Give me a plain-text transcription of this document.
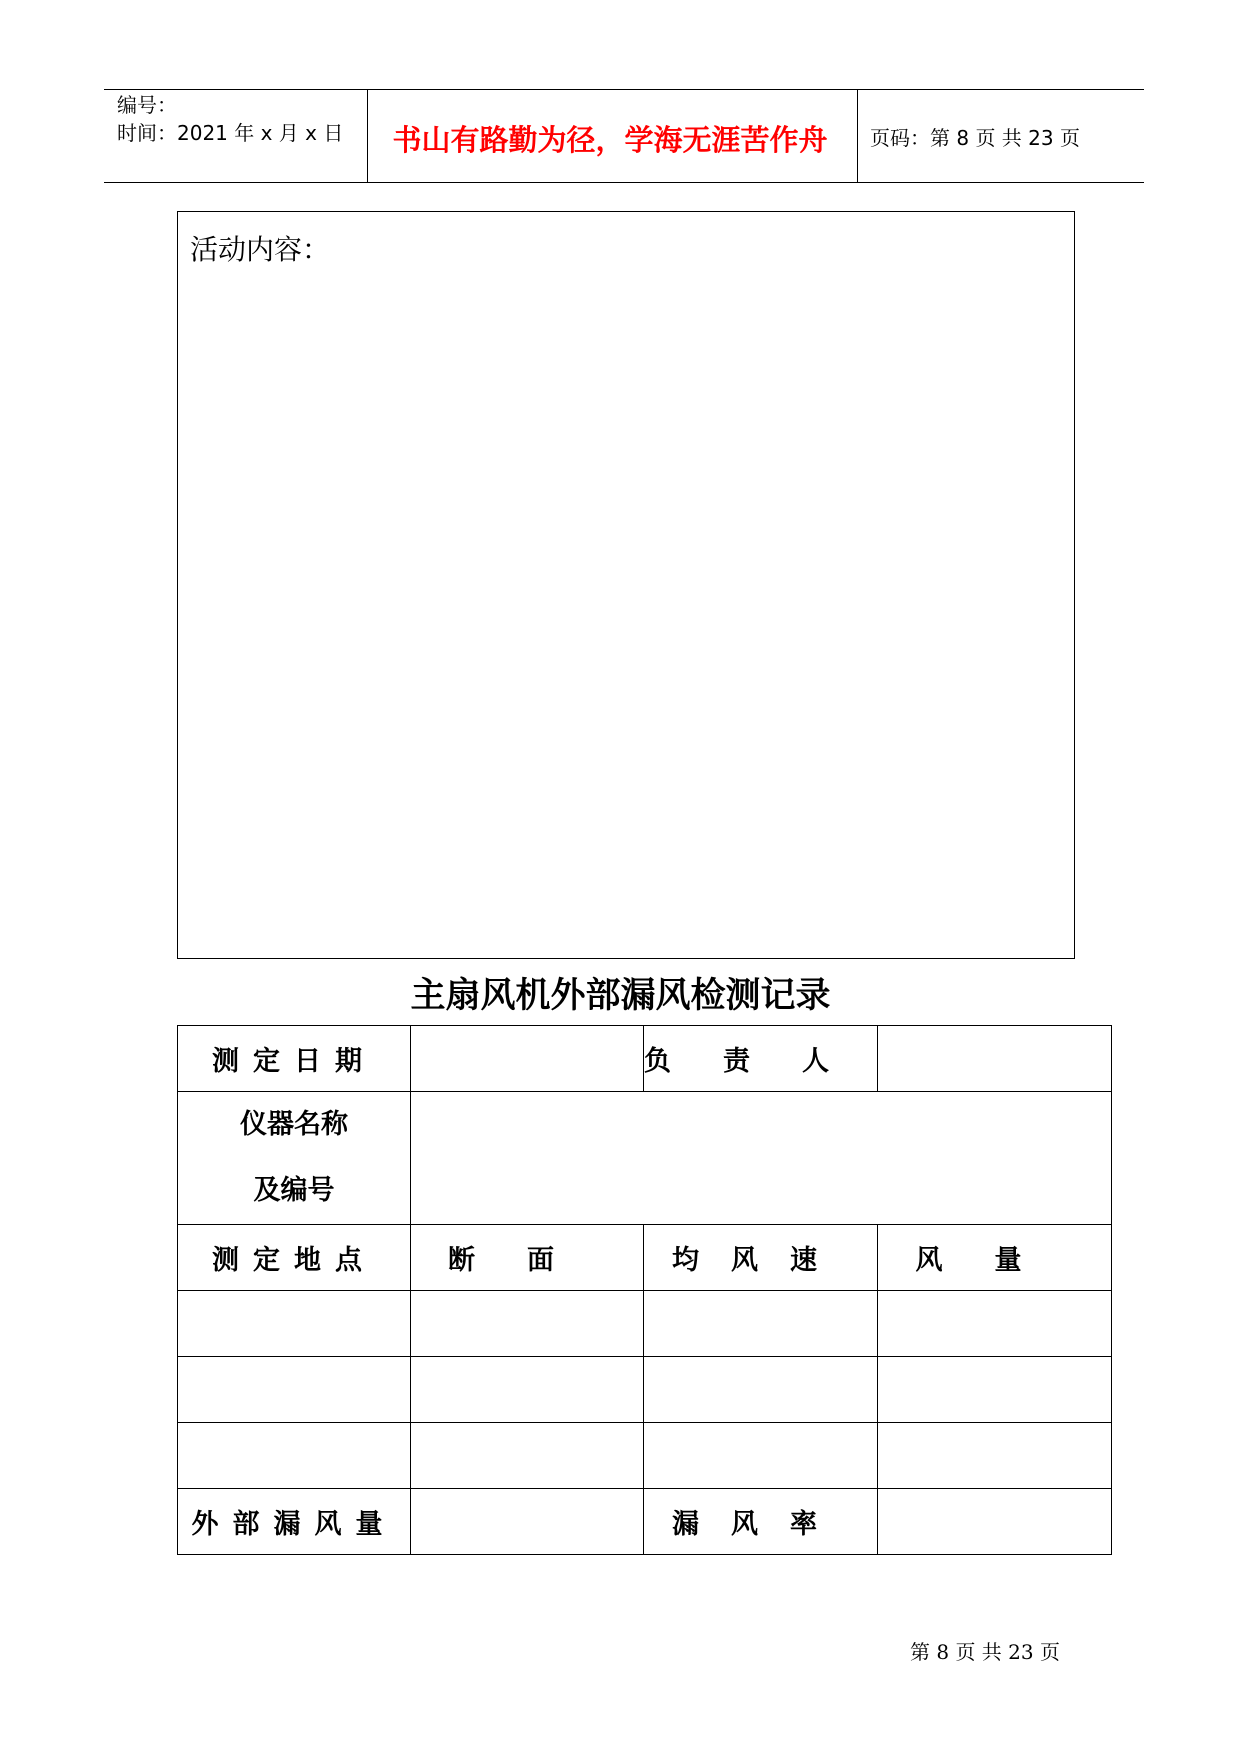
编号：
时间：2021 年 x 月 x 日	书山有路勤为径，学海无涯苦作舟	页码：第 8 页 共 23 页
活动内容：
主扇风机外部漏风检测记录
测定日期		负责人	

仪器名称
及编号			

测定地点	断面	均风速	风量

外部漏风量		漏风率	
第 8 页 共 23 页
